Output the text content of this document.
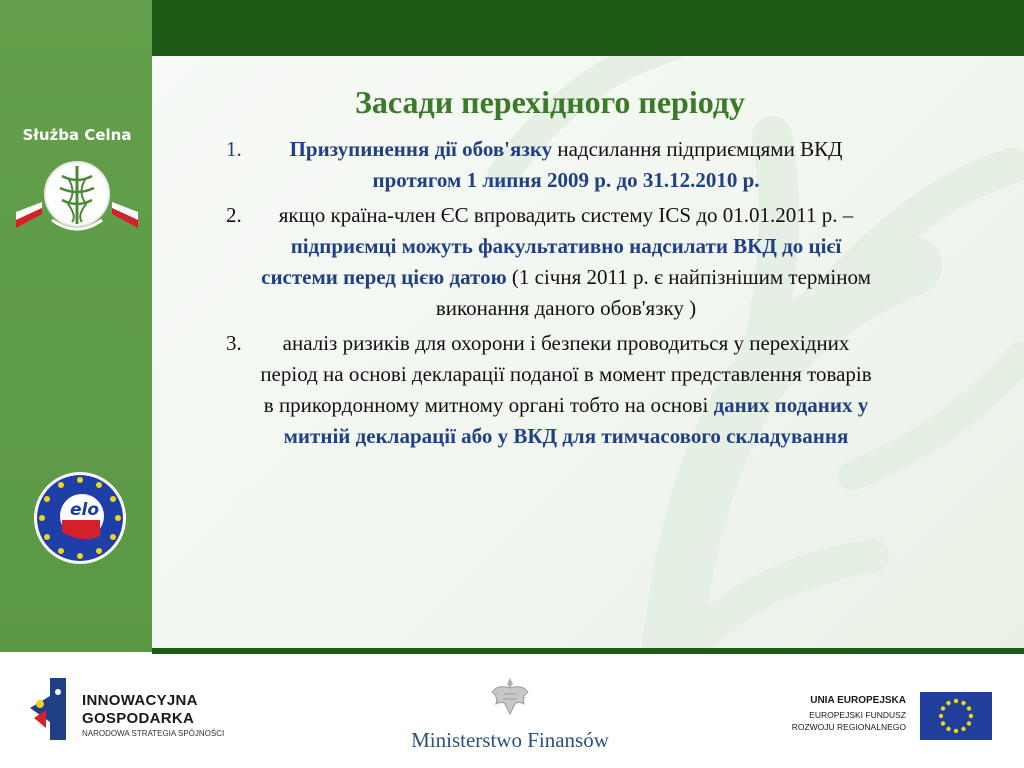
Służba Celna
elo
Засади перехідного періоду
1. Призупинення дії обов'язку надсилання підприємцями ВКД протягом 1 липня 2009 р. до 31.12.2010 р.
2. якщо країна-член ЄС впровадить систему ICS до 01.01.2011 р. – підприємці можуть факультативно надсилати ВКД до цієї системи перед цією датою (1 січня 2011 р. є найпізнішим терміном виконання даного обов'язку )
3. аналіз ризиків для охорони і безпеки проводиться у перехідних період на основі декларації поданої в момент представлення товарів в прикордонному митному органі тобто на основі даних поданих у митній декларації або у ВКД для тимчасового складування
INNOWACYJNA
GOSPODARKA
NARODOWA STRATEGIA SPÓJNOŚCI	Ministerstwo Finansów
UNIA EUROPEJSKA
EUROPEJSKI FUNDUSZ
ROZWOJU REGIONALNEGO
